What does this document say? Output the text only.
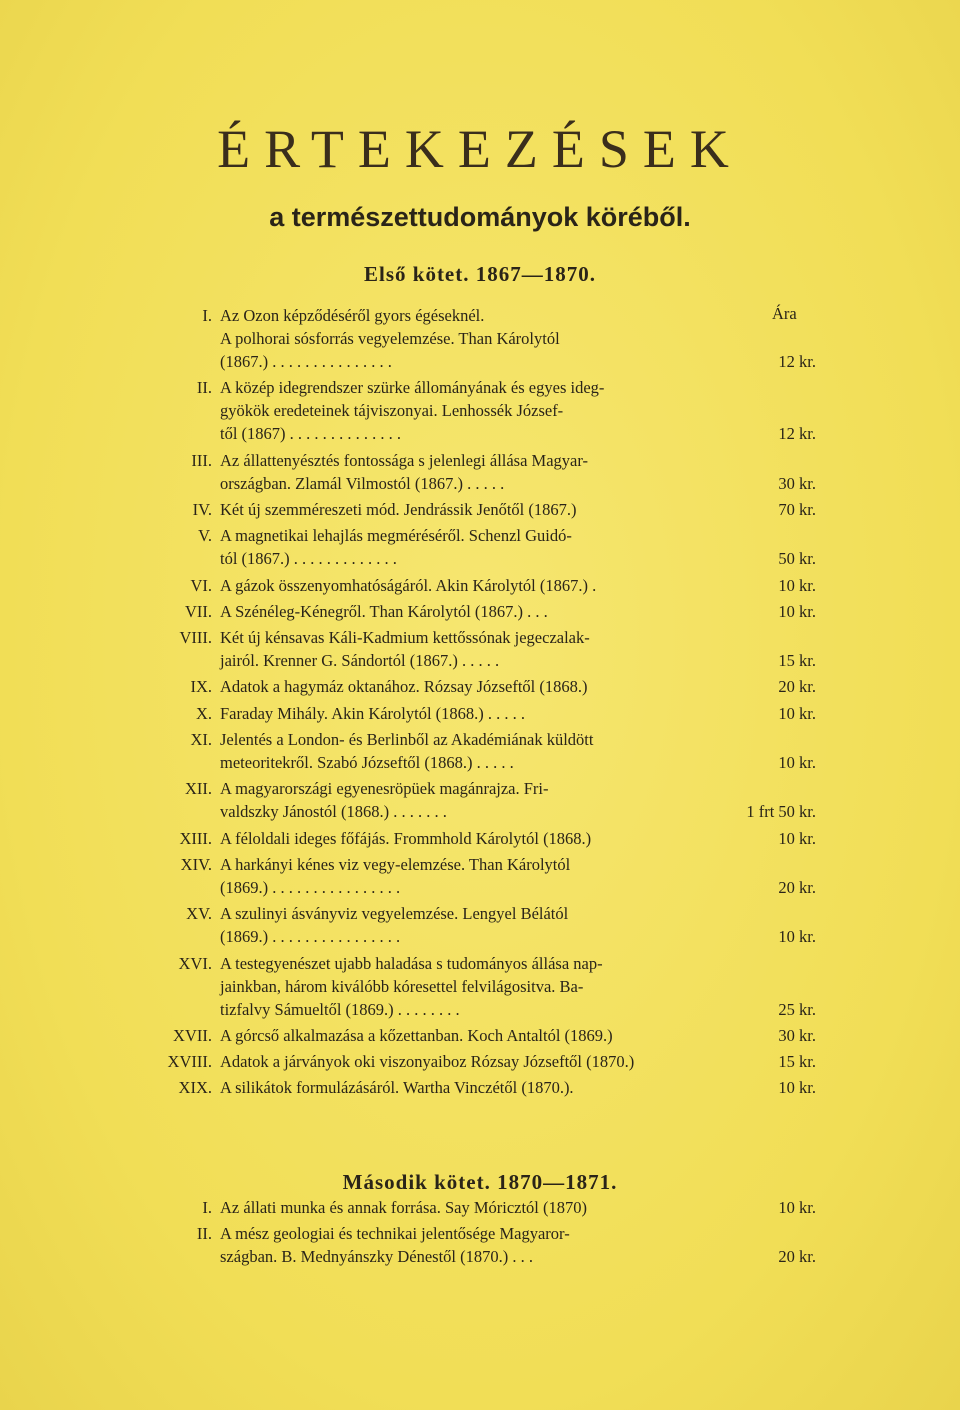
ÉRTEKEZÉSEK
a természettudományok köréből.
Első kötet. 1867—1870.
Ára
I. Az Ozon képződéséről gyors égéseknél.
A polhorai sósforrás vegyelemzése. Than Károlytól
(1867.) . . . . . . . . . . . . . . .	12 kr.
II. A közép idegrendszer szürke állományának és egyes ideg-
gyökök eredeteinek tájviszonyai. Lenhossék József-
től (1867) . . . . . . . . . . . . . .	12 kr.
III. Az állattenyésztés fontossága s jelenlegi állása Magyar-
országban. Zlamál Vilmostól (1867.) . . . . .	30 kr.
IV. Két új szemméreszeti mód. Jendrássik Jenőtől (1867.)	70 kr.
V. A magnetikai lehajlás megméréséről. Schenzl Guidó-
tól (1867.) . . . . . . . . . . . . .	50 kr.
VI. A gázok összenyomhatóságáról. Akin Károlytól (1867.) .	10 kr.
VII. A Szénéleg-Kénegről. Than Károlytól (1867.) . . .	10 kr.
VIII. Két új kénsavas Káli-Kadmium kettőssónak jegeczalak-
jairól. Krenner G. Sándortól (1867.) . . . . .	15 kr.
IX. Adatok a hagymáz oktanához. Rózsay Józseftől (1868.)	20 kr.
X. Faraday Mihály. Akin Károlytól (1868.) . . . . .	10 kr.
XI. Jelentés a London- és Berlinből az Akadémiának küldött
meteoritekről. Szabó Józseftől (1868.) . . . . .	10 kr.
XII. A magyarországi egyenesröpüek magánrajza. Fri-
valdszky Jánostól (1868.) . . . . . . .	1 frt 50 kr.
XIII. A féloldali ideges főfájás. Frommhold Károlytól (1868.)	10 kr.
XIV. A harkányi kénes viz vegy-elemzése. Than Károlytól
(1869.) . . . . . . . . . . . . . . . .	20 kr.
XV. A szulinyi ásványviz vegyelemzése. Lengyel Bélától
(1869.) . . . . . . . . . . . . . . . .	10 kr.
XVI. A testegyenészet ujabb haladása s tudományos állása nap-
jainkban, három kiválóbb kóresettel felvilágositva. Ba-
tizfalvy Sámueltől (1869.) . . . . . . . .	25 kr.
XVII. A górcső alkalmazása a kőzettanban. Koch Antaltól (1869.)	30 kr.
XVIII. Adatok a járványok oki viszonyaiboz Rózsay Józseftől (1870.)	15 kr.
XIX. A silikátok formulázásáról. Wartha Vinczétől (1870.).	10 kr.
Második kötet. 1870—1871.
I. Az állati munka és annak forrása. Say Móricztól (1870)	10 kr.
II. A mész geologiai és technikai jelentősége Magyaror-
szágban. B. Mednyánszky Dénestől (1870.) . . .	20 kr.
